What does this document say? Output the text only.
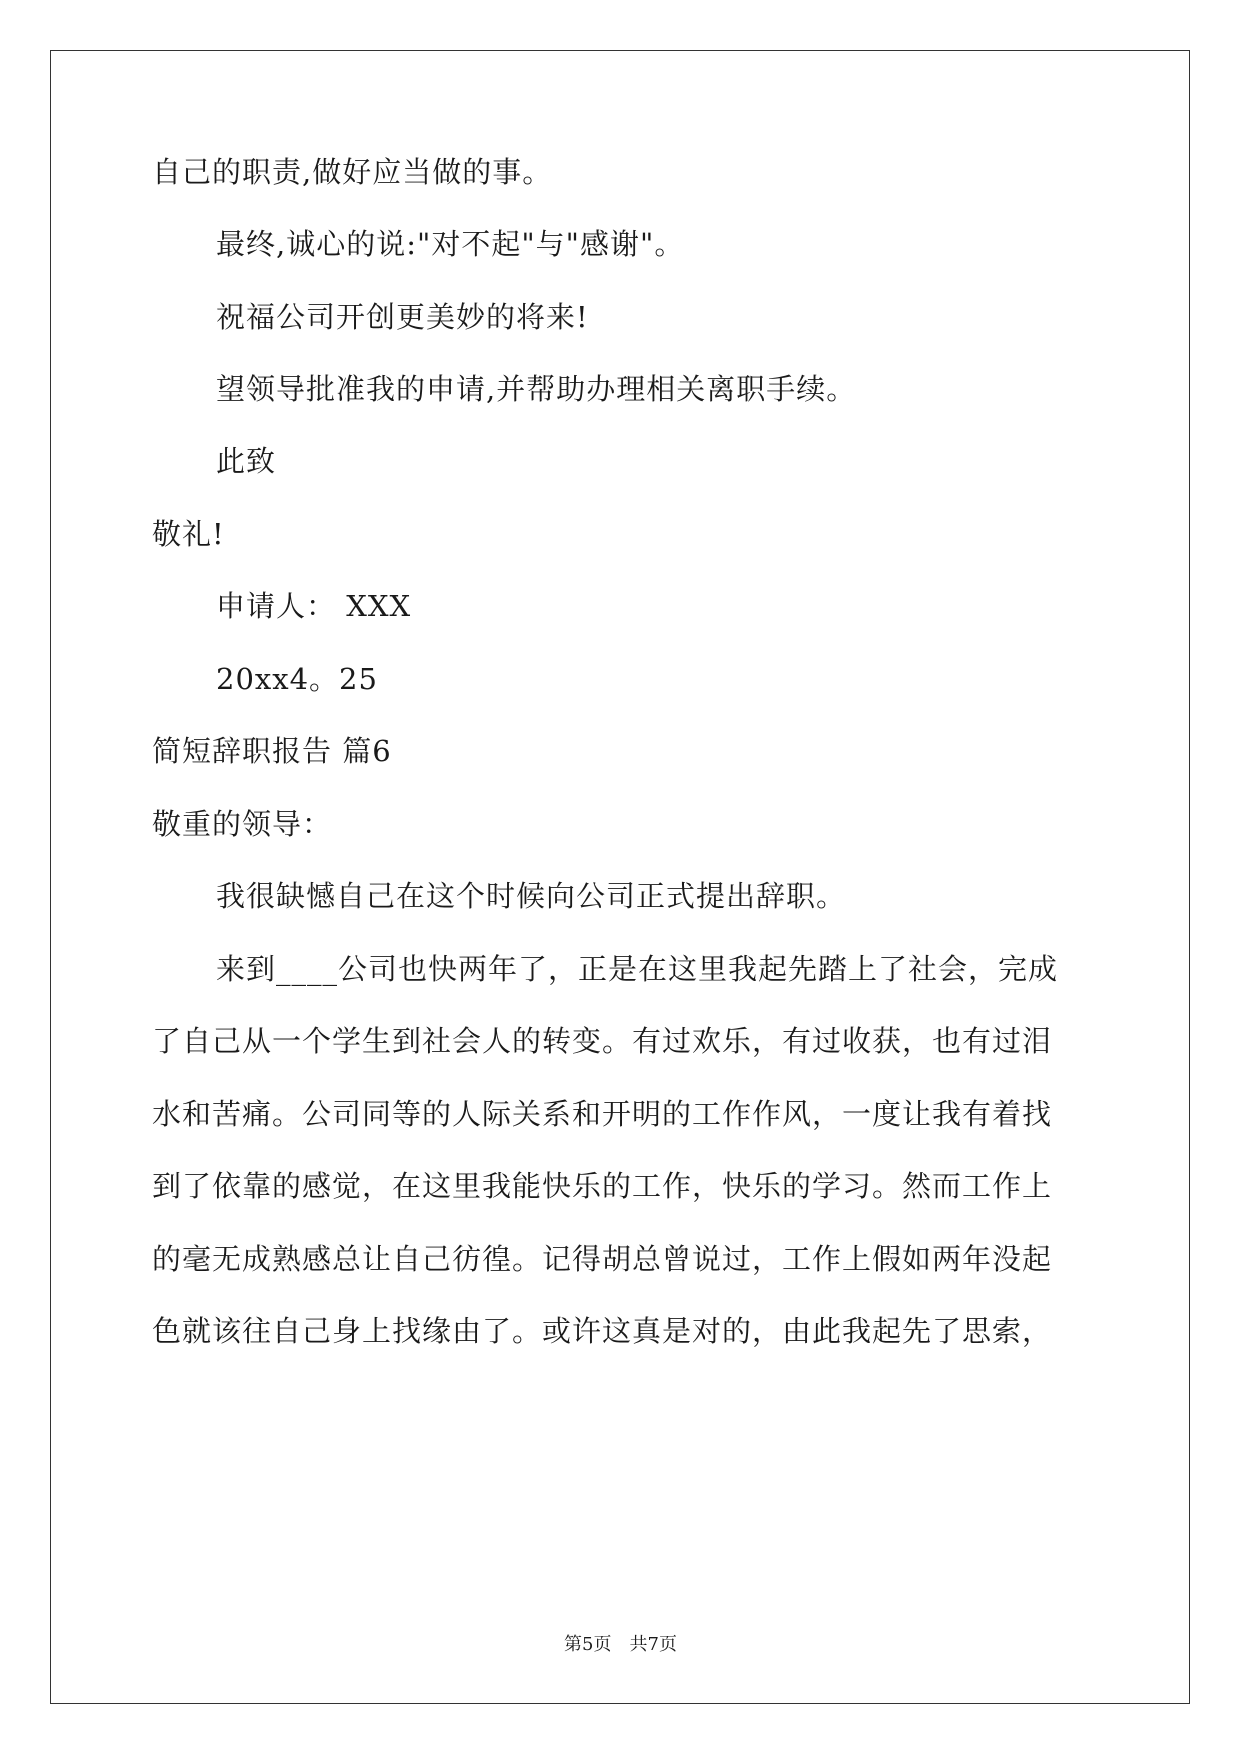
自己的职责,做好应当做的事。
最终,诚心的说:"对不起"与"感谢"。
祝福公司开创更美妙的将来!
望领导批准我的申请,并帮助办理相关离职手续。
此致
敬礼!
申请人： XXX
20xx4。25
简短辞职报告 篇6
敬重的领导：
我很缺憾自己在这个时候向公司正式提出辞职。
来到____公司也快两年了，正是在这里我起先踏上了社会，完成
了自己从一个学生到社会人的转变。有过欢乐，有过收获，也有过泪
水和苦痛。公司同等的人际关系和开明的工作作风，一度让我有着找
到了依靠的感觉，在这里我能快乐的工作，快乐的学习。然而工作上
的毫无成熟感总让自己彷徨。记得胡总曾说过，工作上假如两年没起
色就该往自己身上找缘由了。或许这真是对的，由此我起先了思索，
第5页　共7页
